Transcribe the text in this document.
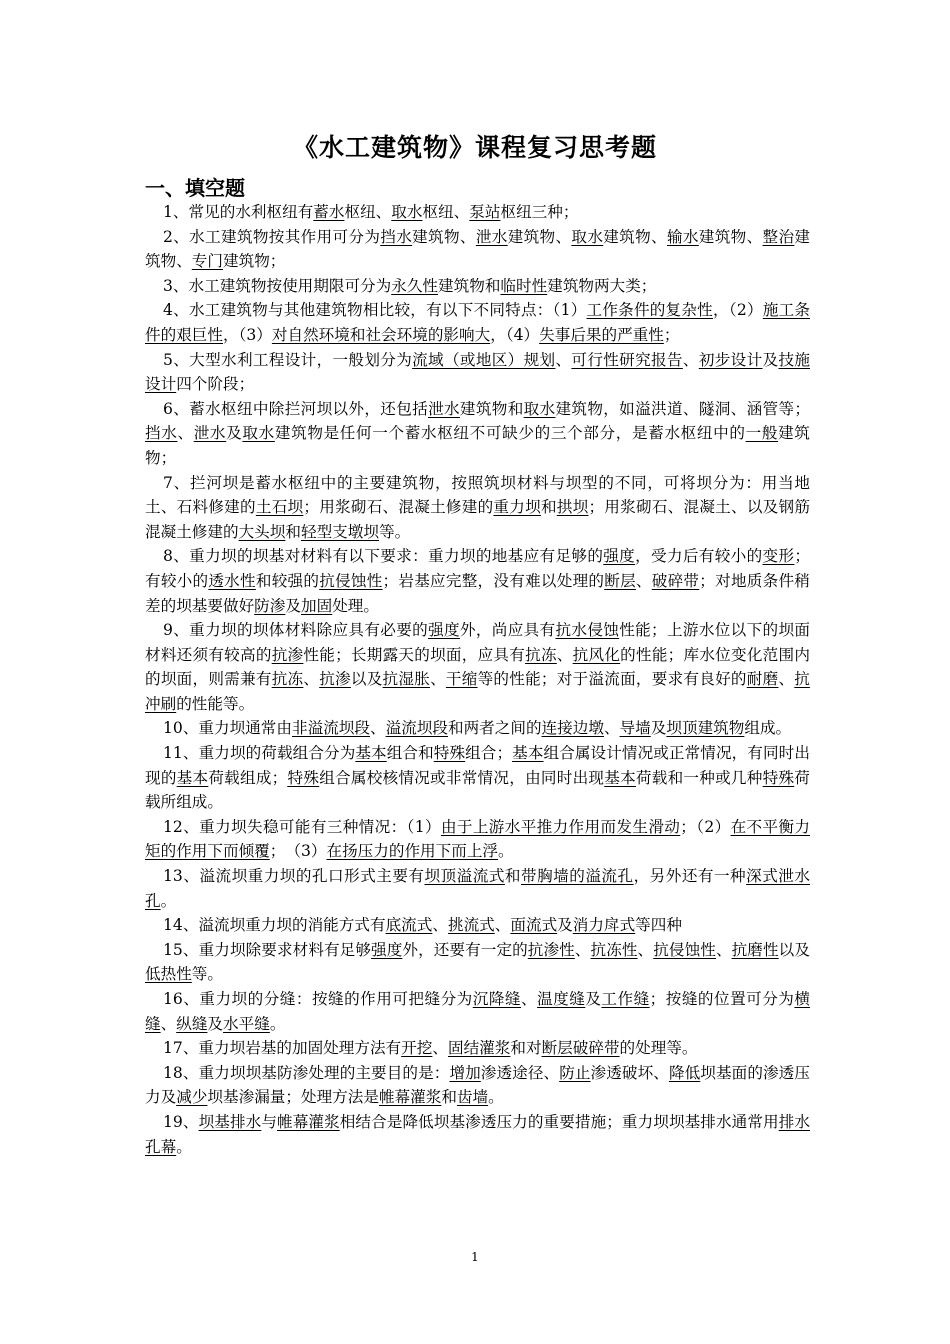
《水工建筑物》课程复习思考题
一、填空题

1、常见的水利枢纽有蓄水枢纽、取水枢纽、泵站枢纽三种；

2、水工建筑物按其作用可分为挡水建筑物、泄水建筑物、取水建筑物、输水建筑物、整治建筑物、专门建筑物；

3、水工建筑物按使用期限可分为永久性建筑物和临时性建筑物两大类；

4、水工建筑物与其他建筑物相比较，有以下不同特点：（1）工作条件的复杂性，（2）施工条件的艰巨性，（3）对自然环境和社会环境的影响大，（4）失事后果的严重性；

5、大型水利工程设计，一般划分为流域（或地区）规划、可行性研究报告、初步设计及技施设计四个阶段；

6、蓄水枢纽中除拦河坝以外，还包括泄水建筑物和取水建筑物，如溢洪道、隧洞、涵管等；挡水、泄水及取水建筑物是任何一个蓄水枢纽不可缺少的三个部分，是蓄水枢纽中的一般建筑物；

7、拦河坝是蓄水枢纽中的主要建筑物，按照筑坝材料与坝型的不同，可将坝分为：用当地土、石料修建的土石坝；用浆砌石、混凝土修建的重力坝和拱坝；用浆砌石、混凝土、以及钢筋混凝土修建的大头坝和轻型支墩坝等。

8、重力坝的坝基对材料有以下要求：重力坝的地基应有足够的强度，受力后有较小的变形；有较小的透水性和较强的抗侵蚀性；岩基应完整，没有难以处理的断层、破碎带；对地质条件稍差的坝基要做好防渗及加固处理。

9、重力坝的坝体材料除应具有必要的强度外，尚应具有抗水侵蚀性能；上游水位以下的坝面材料还须有较高的抗渗性能；长期露天的坝面，应具有抗冻、抗风化的性能；库水位变化范围内的坝面，则需兼有抗冻、抗渗以及抗湿胀、干缩等的性能；对于溢流面，要求有良好的耐磨、抗冲刷的性能等。

10、重力坝通常由非溢流坝段、溢流坝段和两者之间的连接边墩、导墙及坝顶建筑物组成。

11、重力坝的荷载组合分为基本组合和特殊组合；基本组合属设计情况或正常情况，有同时出现的基本荷载组成；特殊组合属校核情况或非常情况，由同时出现基本荷载和一种或几种特殊荷载所组成。

12、重力坝失稳可能有三种情况：（1）由于上游水平推力作用而发生滑动；（2）在不平衡力矩的作用下而倾覆；　（3）在扬压力的作用下而上浮。

13、溢流坝重力坝的孔口形式主要有坝顶溢流式和带胸墙的溢流孔，另外还有一种深式泄水孔。

14、溢流坝重力坝的消能方式有底流式、挑流式、面流式及消力戽式等四种

15、重力坝除要求材料有足够强度外，还要有一定的抗渗性、抗冻性、抗侵蚀性、抗磨性以及低热性等。

16、重力坝的分缝：按缝的作用可把缝分为沉降缝、温度缝及工作缝；按缝的位置可分为横缝、纵缝及水平缝。

17、重力坝岩基的加固处理方法有开挖、固结灌浆和对断层破碎带的处理等。

18、重力坝坝基防渗处理的主要目的是：增加渗透途径、防止渗透破坏、降低坝基面的渗透压力及减少坝基渗漏量；处理方法是帷幕灌浆和齿墙。

19、坝基排水与帷幕灌浆相结合是降低坝基渗透压力的重要措施；重力坝坝基排水通常用排水孔幕。

1
